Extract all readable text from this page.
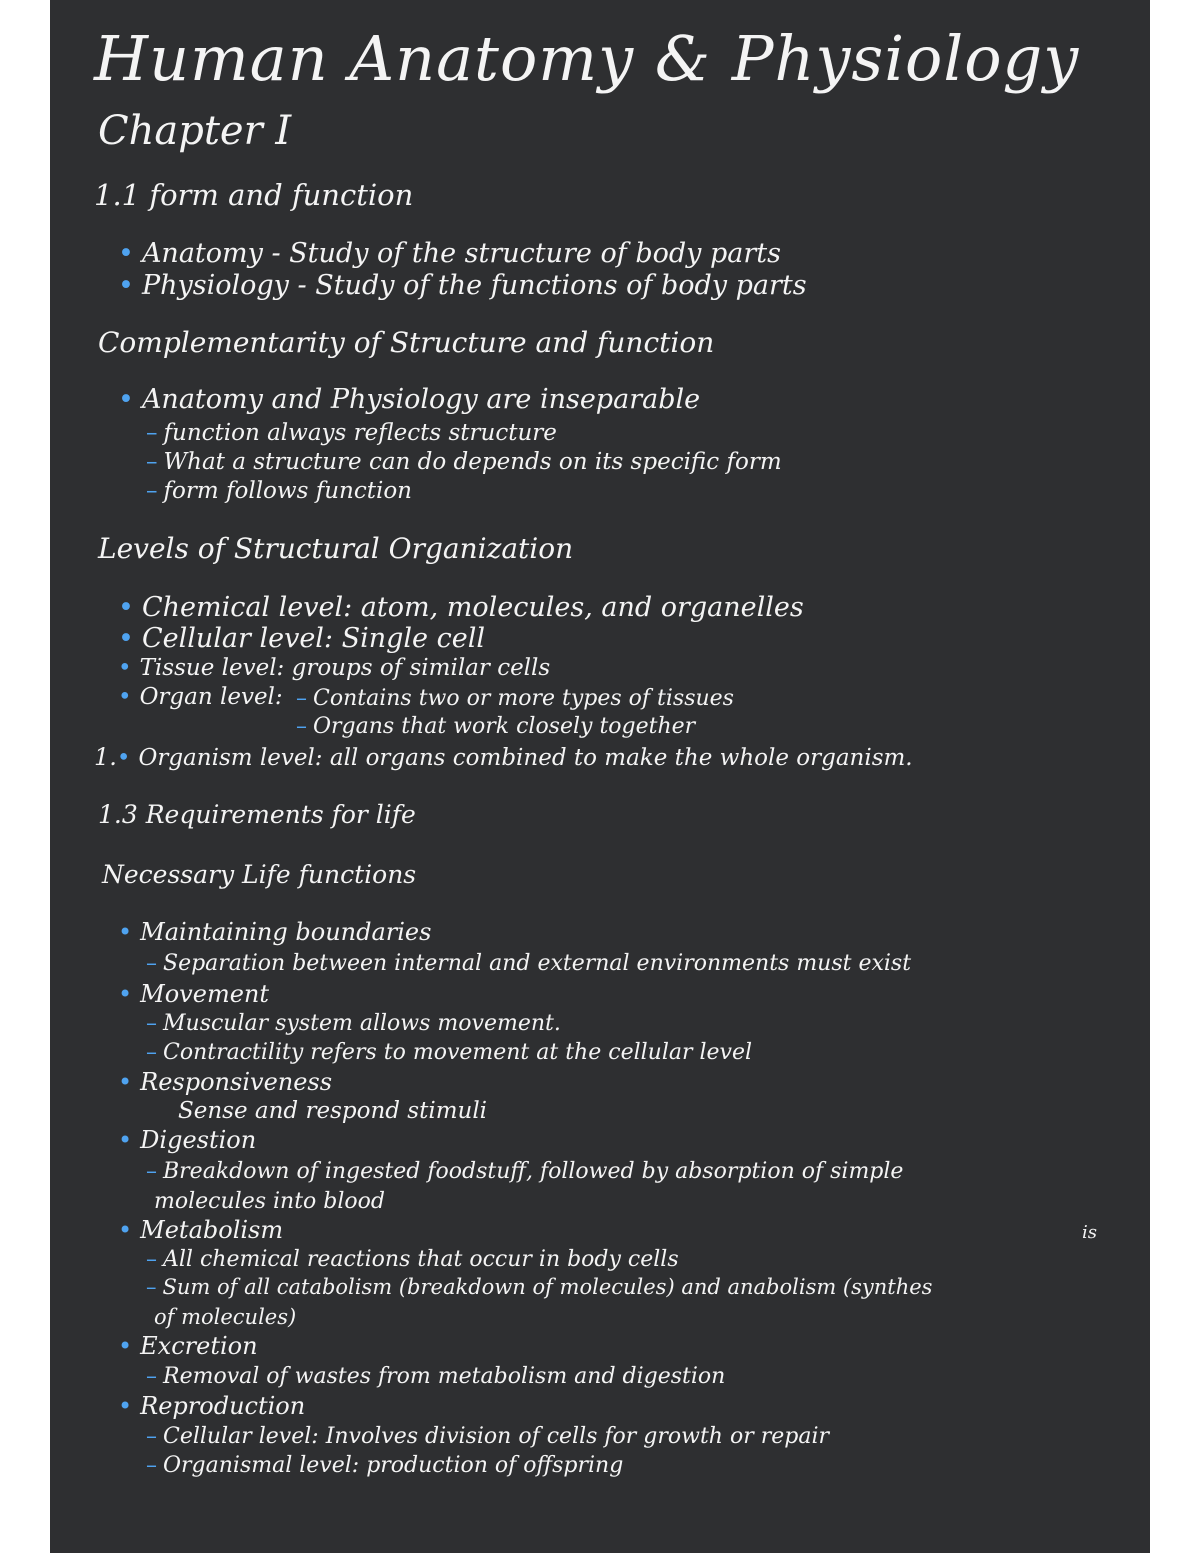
Human Anatomy & Physiology
Chapter I
1.1 form and function
• Anatomy - Study of the structure of body parts
• Physiology - Study of the functions of body parts
Complementarity of Structure and function
• Anatomy and Physiology are inseparable
– function always reflects structure
– What a structure can do depends on its specific form
– form follows function
Levels of Structural Organization
• Chemical level: atom, molecules, and organelles
• Cellular level: Single cell
• Tissue level: groups of similar cells
• Organ level: – Contains two or more types of tissues
– Organs that work closely together
1.• Organism level: all organs combined to make the whole organism.
1.3 Requirements for life
Necessary Life functions
• Maintaining boundaries
– Separation between internal and external environments must exist
• Movement
– Muscular system allows movement.
– Contractility refers to movement at the cellular level
• Responsiveness
Sense and respond stimuli
• Digestion
– Breakdown of ingested foodstuff, followed by absorption of simple
molecules into blood
• Metabolism	is
– All chemical reactions that occur in body cells
– Sum of all catabolism (breakdown of molecules) and anabolism (synthes
of molecules)
• Excretion
– Removal of wastes from metabolism and digestion
• Reproduction
– Cellular level: Involves division of cells for growth or repair
– Organismal level: production of offspring
